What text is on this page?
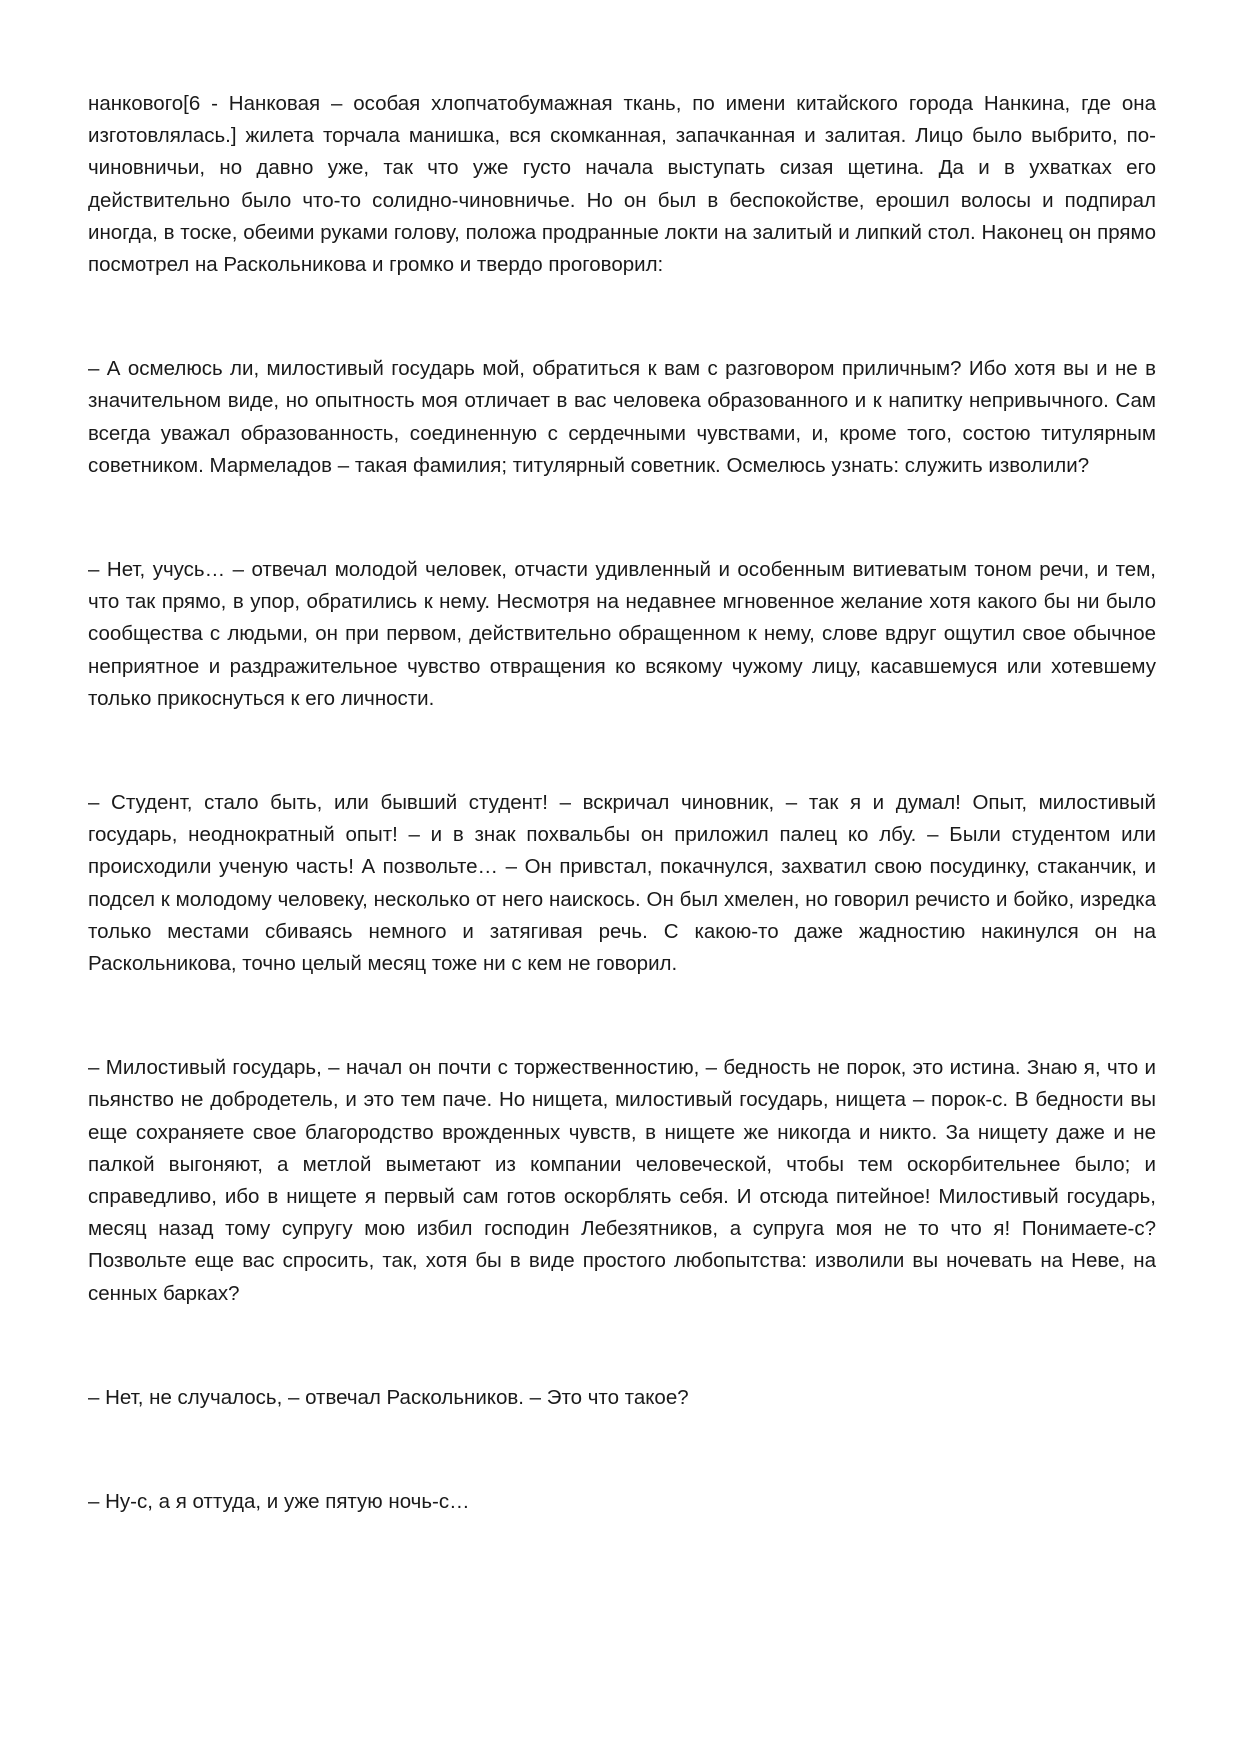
нанкового[6 - Нанковая – особая хлопчатобумажная ткань, по имени китайского города Нанкина, где она изготовлялась.] жилета торчала манишка, вся скомканная, запачканная и залитая. Лицо было выбрито, по-чиновничьи, но давно уже, так что уже густо начала выступать сизая щетина. Да и в ухватках его действительно было что-то солидно-чиновничье. Но он был в беспокойстве, ерошил волосы и подпирал иногда, в тоске, обеими руками голову, положа продранные локти на залитый и липкий стол. Наконец он прямо посмотрел на Раскольникова и громко и твердо проговорил:

– А осмелюсь ли, милостивый государь мой, обратиться к вам с разговором приличным? Ибо хотя вы и не в значительном виде, но опытность моя отличает в вас человека образованного и к напитку непривычного. Сам всегда уважал образованность, соединенную с сердечными чувствами, и, кроме того, состою титулярным советником. Мармеладов – такая фамилия; титулярный советник. Осмелюсь узнать: служить изволили?

– Нет, учусь… – отвечал молодой человек, отчасти удивленный и особенным витиеватым тоном речи, и тем, что так прямо, в упор, обратились к нему. Несмотря на недавнее мгновенное желание хотя какого бы ни было сообщества с людьми, он при первом, действительно обращенном к нему, слове вдруг ощутил свое обычное неприятное и раздражительное чувство отвращения ко всякому чужому лицу, касавшемуся или хотевшему только прикоснуться к его личности.

– Студент, стало быть, или бывший студент! – вскричал чиновник, – так я и думал! Опыт, милостивый государь, неоднократный опыт! – и в знак похвальбы он приложил палец ко лбу. – Были студентом или происходили ученую часть! А позвольте… – Он привстал, покачнулся, захватил свою посудинку, стаканчик, и подсел к молодому человеку, несколько от него наискось. Он был хмелен, но говорил речисто и бойко, изредка только местами сбиваясь немного и затягивая речь. С какою-то даже жадностию накинулся он на Раскольникова, точно целый месяц тоже ни с кем не говорил.

– Милостивый государь, – начал он почти с торжественностию, – бедность не порок, это истина. Знаю я, что и пьянство не добродетель, и это тем паче. Но нищета, милостивый государь, нищета – порок-с. В бедности вы еще сохраняете свое благородство врожденных чувств, в нищете же никогда и никто. За нищету даже и не палкой выгоняют, а метлой выметают из компании человеческой, чтобы тем оскорбительнее было; и справедливо, ибо в нищете я первый сам готов оскорблять себя. И отсюда питейное! Милостивый государь, месяц назад тому супругу мою избил господин Лебезятников, а супруга моя не то что я! Понимаете-с? Позвольте еще вас спросить, так, хотя бы в виде простого любопытства: изволили вы ночевать на Неве, на сенных барках?

– Нет, не случалось, – отвечал Раскольников. – Это что такое?

– Ну-с, а я оттуда, и уже пятую ночь-с…
